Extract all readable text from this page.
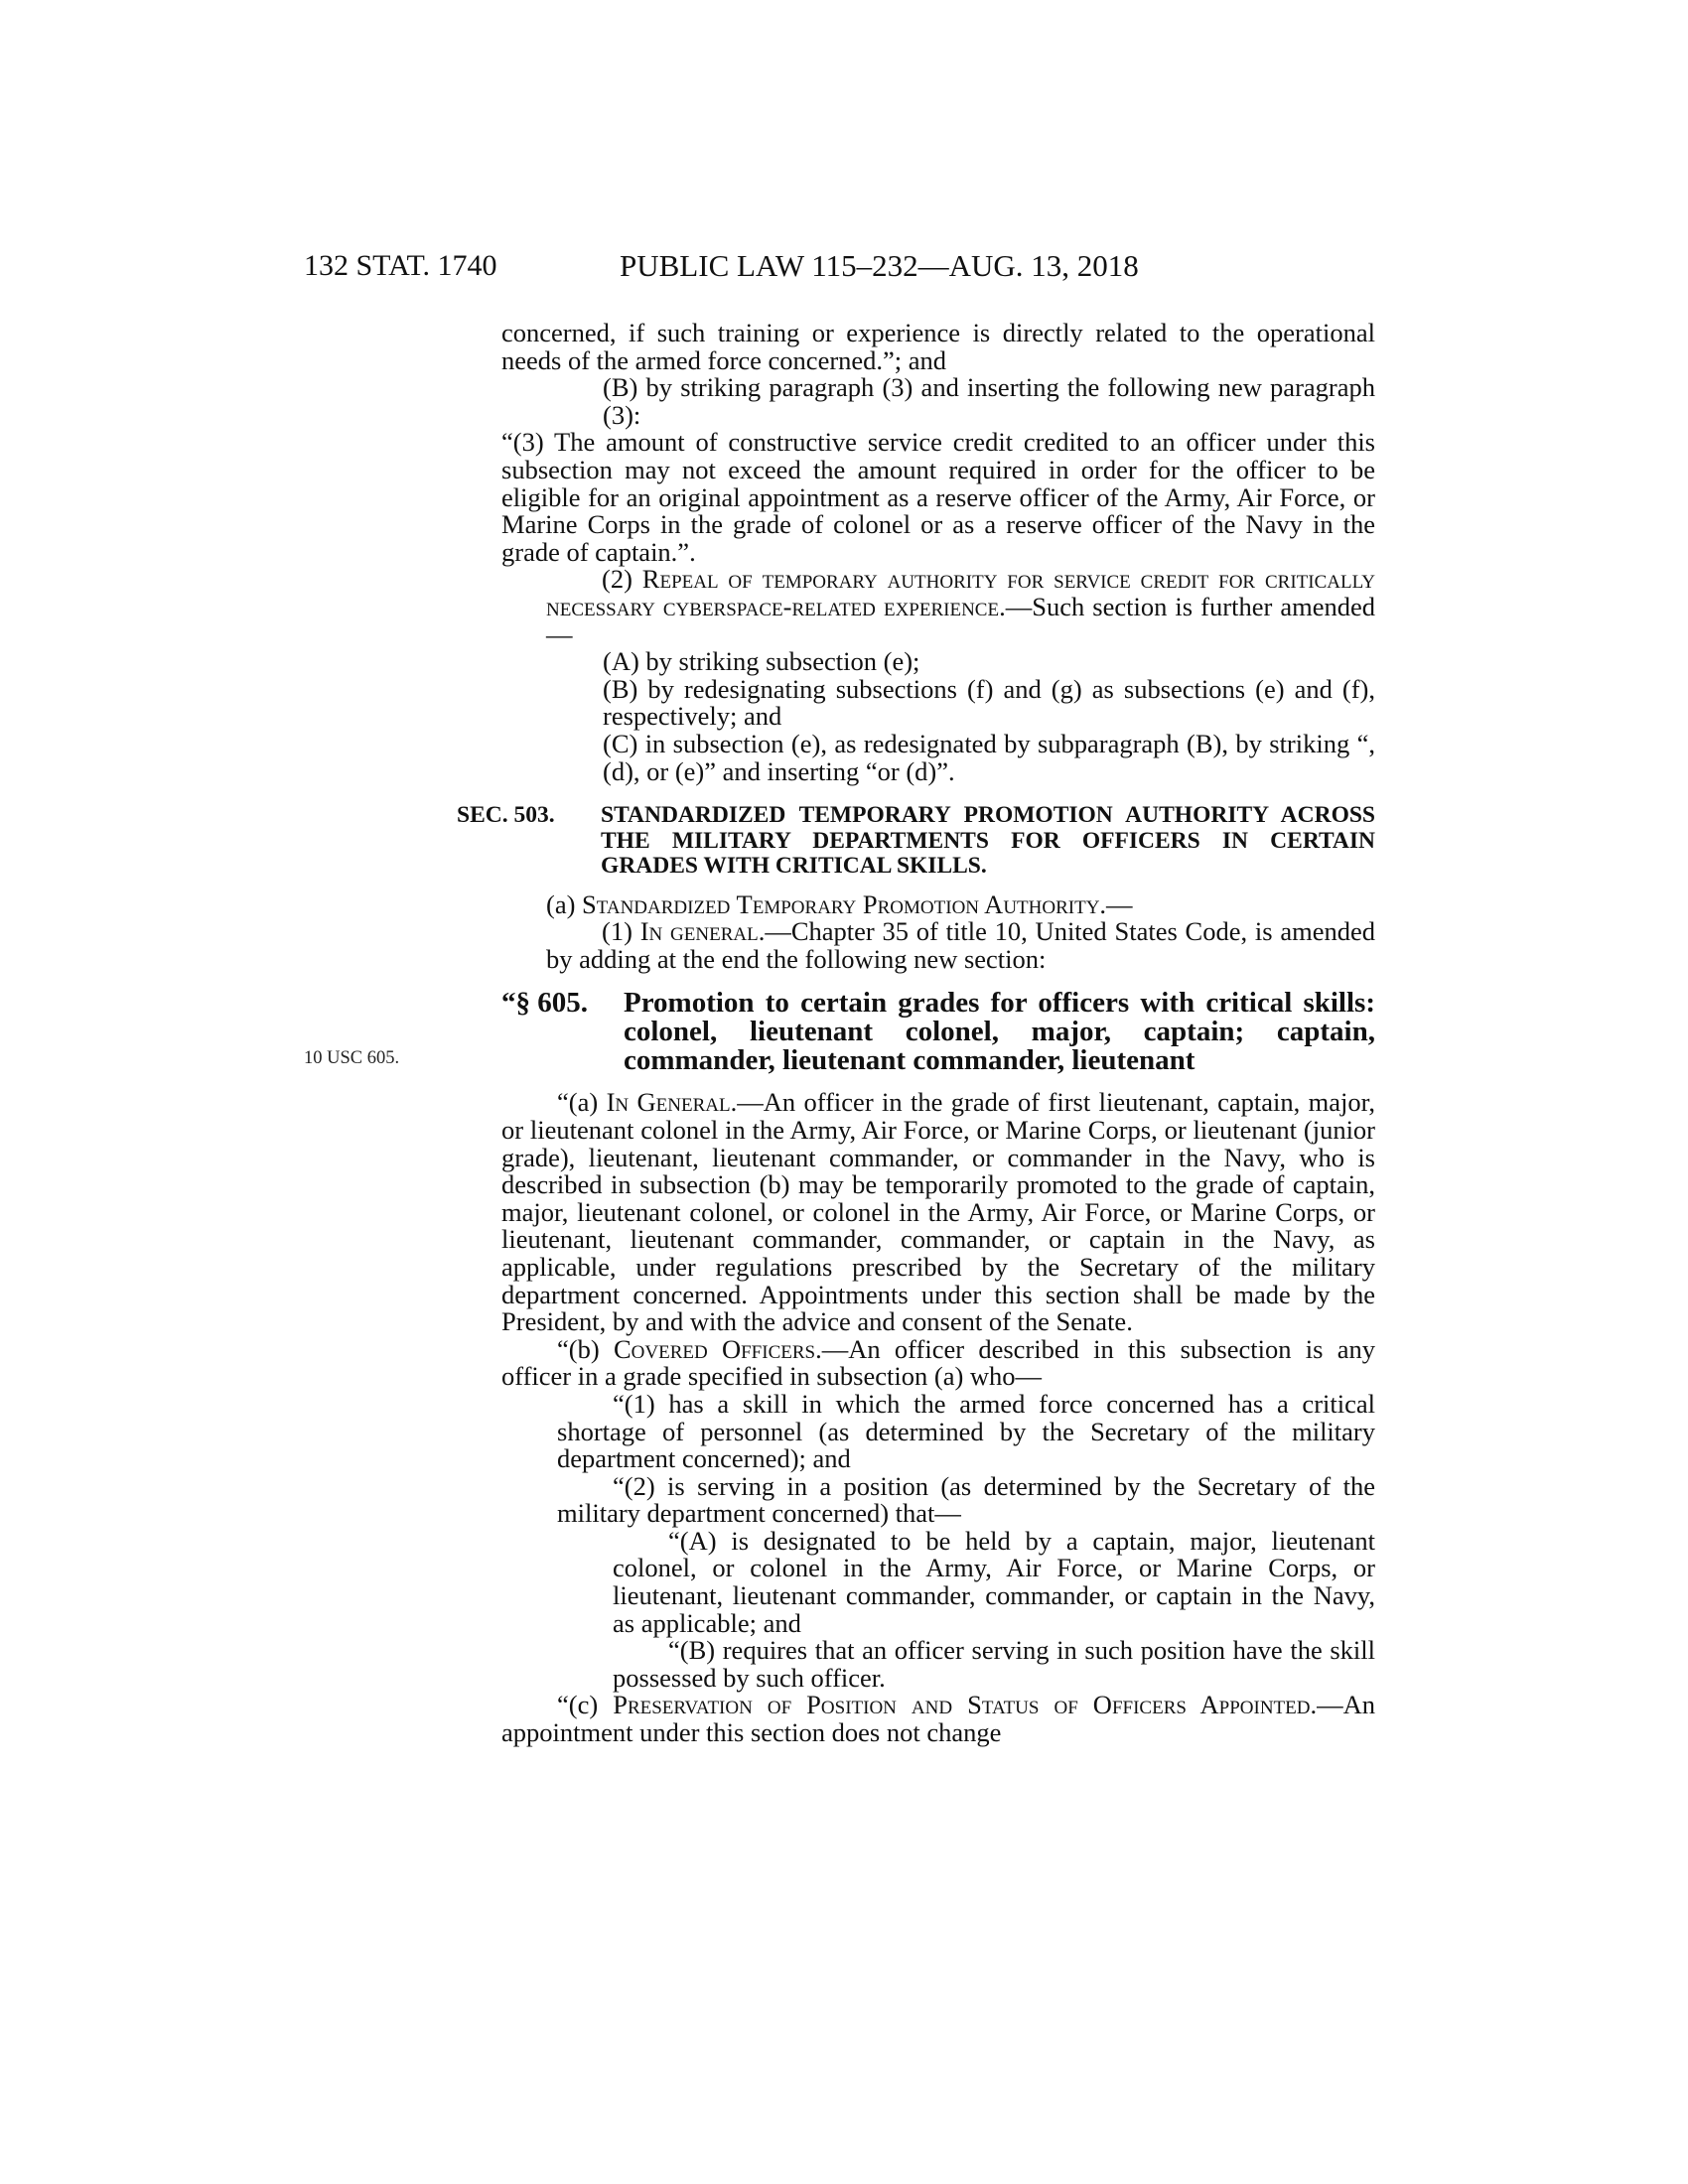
132 STAT. 1740	PUBLIC LAW 115–232—AUG. 13, 2018
10 USC 605.

concerned, if such training or experience is directly related to the operational needs of the armed force concerned.”; and

(B) by striking paragraph (3) and inserting the following new paragraph (3):

“(3) The amount of constructive service credit credited to an officer under this subsection may not exceed the amount required in order for the officer to be eligible for an original appointment as a reserve officer of the Army, Air Force, or Marine Corps in the grade of colonel or as a reserve officer of the Navy in the grade of captain.”.

(2) Repeal of temporary authority for service credit for critically necessary cyberspace-related experience.—Such section is further amended—

(A) by striking subsection (e);

(B) by redesignating subsections (f) and (g) as subsections (e) and (f), respectively; and

(C) in subsection (e), as redesignated by subparagraph (B), by striking “, (d), or (e)” and inserting “or (d)”.

SEC. 503. STANDARDIZED TEMPORARY PROMOTION AUTHORITY ACROSS THE MILITARY DEPARTMENTS FOR OFFICERS IN CERTAIN GRADES WITH CRITICAL SKILLS.

(a) Standardized Temporary Promotion Authority.—

(1) In general.—Chapter 35 of title 10, United States Code, is amended by adding at the end the following new section:

“§ 605. Promotion to certain grades for officers with critical skills: colonel, lieutenant colonel, major, captain; captain, commander, lieutenant commander, lieutenant

“(a) In General.—An officer in the grade of first lieutenant, captain, major, or lieutenant colonel in the Army, Air Force, or Marine Corps, or lieutenant (junior grade), lieutenant, lieutenant commander, or commander in the Navy, who is described in subsection (b) may be temporarily promoted to the grade of captain, major, lieutenant colonel, or colonel in the Army, Air Force, or Marine Corps, or lieutenant, lieutenant commander, commander, or captain in the Navy, as applicable, under regulations prescribed by the Secretary of the military department concerned. Appointments under this section shall be made by the President, by and with the advice and consent of the Senate.

“(b) Covered Officers.—An officer described in this subsection is any officer in a grade specified in subsection (a) who—

“(1) has a skill in which the armed force concerned has a critical shortage of personnel (as determined by the Secretary of the military department concerned); and

“(2) is serving in a position (as determined by the Secretary of the military department concerned) that—

“(A) is designated to be held by a captain, major, lieutenant colonel, or colonel in the Army, Air Force, or Marine Corps, or lieutenant, lieutenant commander, commander, or captain in the Navy, as applicable; and

“(B) requires that an officer serving in such position have the skill possessed by such officer.

“(c) Preservation of Position and Status of Officers Appointed.—An appointment under this section does not change
